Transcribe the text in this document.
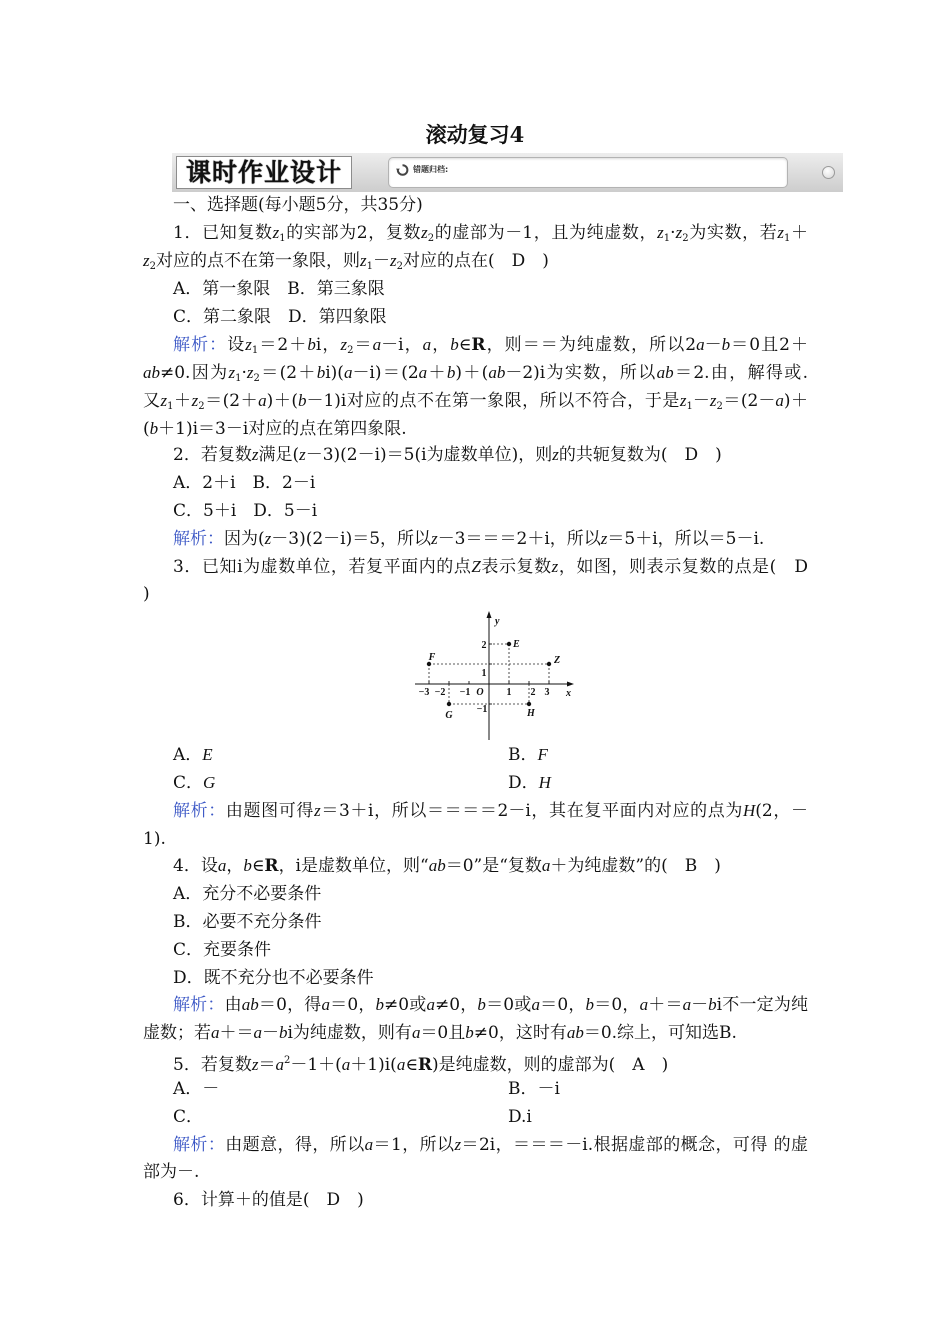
滚动复习4
课时作业设计	错题归档:
一、选择题(每小题5分，共35分)
1．已知复数z1的实部为2，复数z2的虚部为－1，且为纯虚数，z1·z2为实数，若z1＋
z2对应的点不在第一象限，则z1－z2对应的点在(　D　)
A．第一象限　B．第三象限
C．第二象限　D．第四象限
解析：设z1＝2＋bi，z2＝a－i，a，b∈R，则＝＝为纯虚数，所以2a－b＝0且2＋
ab≠0.因为z1·z2＝(2＋bi)(a－i)＝(2a＋b)＋(ab－2)i为实数，所以ab＝2.由，解得或.
又z1＋z2＝(2＋a)＋(b－1)i对应的点不在第一象限，所以不符合，于是z1－z2＝(2－a)＋
(b＋1)i＝3－i对应的点在第四象限.
2．若复数z满足(z－3)(2－i)＝5(i为虚数单位)，则z的共轭复数为(　D　)
A．2＋i　B．2－i
C．5＋i　D．5－i
解析：因为(z－3)(2－i)＝5，所以z－3＝＝＝2＋i，所以z＝5＋i，所以＝5－i.
3．已知i为虚数单位，若复平面内的点Z表示复数z，如图，则表示复数的点是(　D
)
y
x
O
−3 −2 −1	1 2 3
2
1
−1
E
F	Z
G	H
A．E	B．F
C．G	D．H
解析：由题图可得z＝3＋i，所以＝＝＝＝2－i，其在复平面内对应的点为H(2，－
1).
4．设a，b∈R，i是虚数单位，则“ab＝0”是“复数a＋为纯虚数”的(　B　)
A．充分不必要条件
B．必要不充分条件
C．充要条件
D．既不充分也不必要条件
解析：由ab＝0，得a＝0，b≠0或a≠0，b＝0或a＝0，b＝0，a＋＝a－bi不一定为纯
虚数；若a＋＝a－bi为纯虚数，则有a＝0且b≠0，这时有ab＝0.综上，可知选B.
5．若复数$z=a^2-1+(a+1)i(a\in R)$是纯虚数，则的虚部为(　A　)
A．－	B．－i
C．	D.i
解析：由题意，得，所以a＝1，所以z＝2i，＝＝＝－i.根据虚部的概念，可得 的虚
部为－.
6．计算＋的值是(　D　)
